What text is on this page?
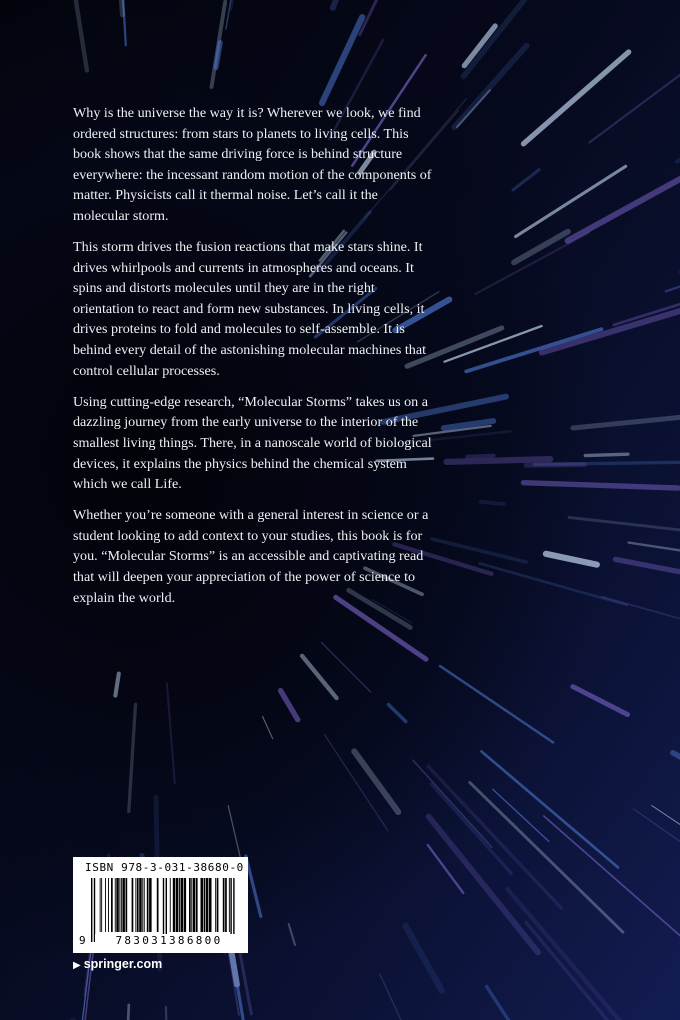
Why is the universe the way it is? Wherever we look, we find ordered structures: from stars to planets to living cells. This book shows that the same driving force is behind structure everywhere: the incessant random motion of the components of matter. Physicists call it thermal noise. Let’s call it the molecular storm.

This storm drives the fusion reactions that make stars shine. It drives whirlpools and currents in atmospheres and oceans. It spins and distorts molecules until they are in the right orientation to react and form new substances. In living cells, it drives proteins to fold and molecules to self-assemble. It is behind every detail of the astonishing molecular machines that control cellular processes.

Using cutting-edge research, “Molecular Storms” takes us on a dazzling journey from the early universe to the interior of the smallest living things. There, in a nanoscale world of biological devices, it explains the physics behind the chemical system which we call Life.

Whether you’re someone with a general interest in science or a student looking to add context to your studies, this book is for you. “Molecular Storms” is an accessible and captivating read that will deepen your appreciation of the power of science to explain the world.

ISBN 978-3-031-38680-0
9	783031386800
▶ springer.com
